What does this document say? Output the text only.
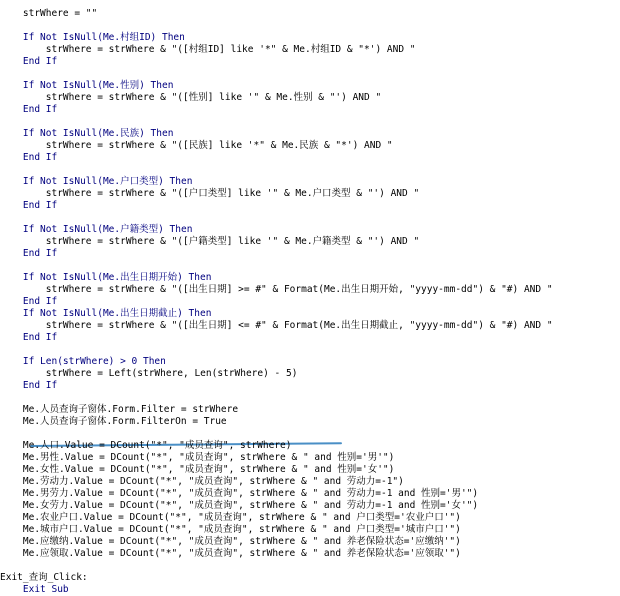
strWhere = ""
If Not IsNull(Me.村组ID) Then
strWhere = strWhere & "([村组ID] like '*" & Me.村组ID & "*') AND "
End If
If Not IsNull(Me.性别) Then
strWhere = strWhere & "([性别] like '" & Me.性别 & "') AND "
End If
If Not IsNull(Me.民族) Then
strWhere = strWhere & "([民族] like '*" & Me.民族 & "*') AND "
End If
If Not IsNull(Me.户口类型) Then
strWhere = strWhere & "([户口类型] like '" & Me.户口类型 & "') AND "
End If
If Not IsNull(Me.户籍类型) Then
strWhere = strWhere & "([户籍类型] like '" & Me.户籍类型 & "') AND "
End If
If Not IsNull(Me.出生日期开始) Then
strWhere = strWhere & "([出生日期] >= #" & Format(Me.出生日期开始, "yyyy-mm-dd") & "#) AND "
End If
If Not IsNull(Me.出生日期截止) Then
strWhere = strWhere & "([出生日期] <= #" & Format(Me.出生日期截止, "yyyy-mm-dd") & "#) AND "
End If
If Len(strWhere) > 0 Then
strWhere = Left(strWhere, Len(strWhere) - 5)
End If
Me.人员查询子窗体.Form.Filter = strWhere
Me.人员查询子窗体.Form.FilterOn = True
Me.人口.Value = DCount("*", "成员查询", strWhere)
Me.男性.Value = DCount("*", "成员查询", strWhere & " and 性别='男'")
Me.女性.Value = DCount("*", "成员查询", strWhere & " and 性别='女'")
Me.劳动力.Value = DCount("*", "成员查询", strWhere & " and 劳动力=-1")
Me.男劳力.Value = DCount("*", "成员查询", strWhere & " and 劳动力=-1 and 性别='男'")
Me.女劳力.Value = DCount("*", "成员查询", strWhere & " and 劳动力=-1 and 性别='女'")
Me.农业户口.Value = DCount("*", "成员查询", strWhere & " and 户口类型='农业户口'")
Me.城市户口.Value = DCount("*", "成员查询", strWhere & " and 户口类型='城市户口'")
Me.应缴纳.Value = DCount("*", "成员查询", strWhere & " and 养老保险状态='应缴纳'")
Me.应领取.Value = DCount("*", "成员查询", strWhere & " and 养老保险状态='应领取'")
Exit_查询_Click:
Exit Sub
